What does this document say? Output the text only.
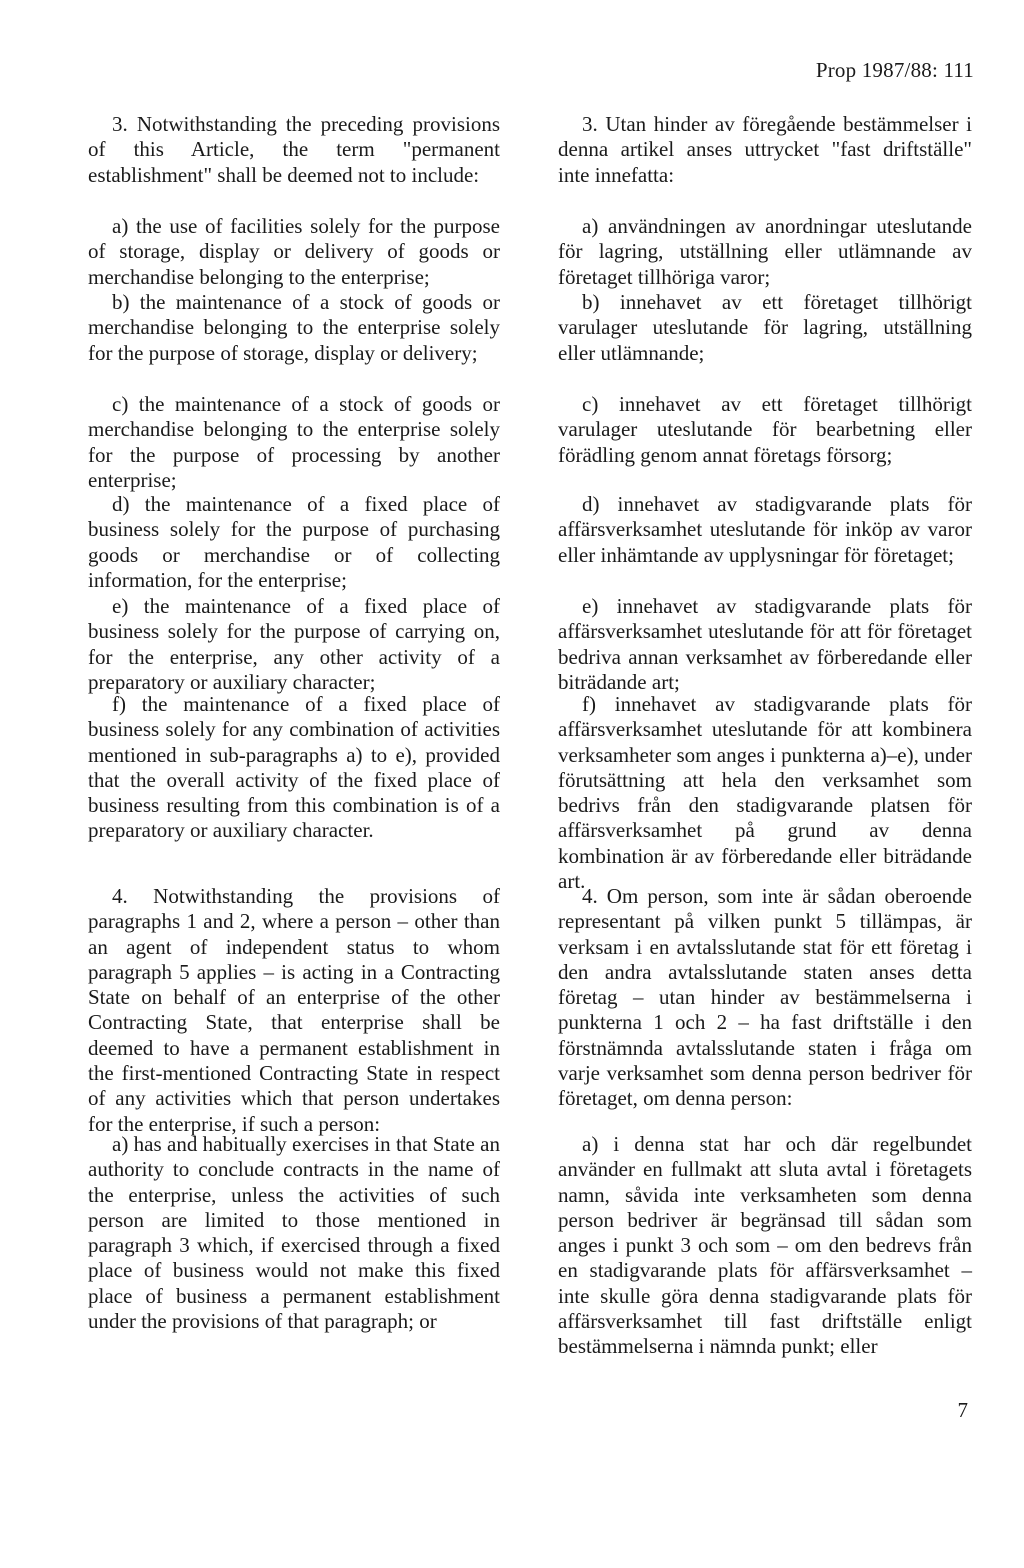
Prop 1987/88: 111

3. Notwithstanding the preceding provisions of this Article, the term "permanent establishment" shall be deemed not to include:

a) the use of facilities solely for the purpose of storage, display or delivery of goods or merchandise belonging to the enterprise;

b) the maintenance of a stock of goods or merchandise belonging to the enterprise solely for the purpose of storage, display or delivery;

c) the maintenance of a stock of goods or merchandise belonging to the enterprise solely for the purpose of processing by another enterprise;

d) the maintenance of a fixed place of business solely for the purpose of purchasing goods or merchandise or of collecting information, for the enterprise;

e) the maintenance of a fixed place of business solely for the purpose of carrying on, for the enterprise, any other activity of a preparatory or auxiliary character;

f) the maintenance of a fixed place of business solely for any combination of activities mentioned in sub-paragraphs a) to e), provided that the overall activity of the fixed place of business resulting from this combination is of a preparatory or auxiliary character.

4. Notwithstanding the provisions of paragraphs 1 and 2, where a person – other than an agent of independent status to whom paragraph 5 applies – is acting in a Contracting State on behalf of an enterprise of the other Contracting State, that enterprise shall be deemed to have a permanent establishment in the first-mentioned Contracting State in respect of any activities which that person undertakes for the enterprise, if such a person:

a) has and habitually exercises in that State an authority to conclude contracts in the name of the enterprise, unless the activities of such person are limited to those mentioned in paragraph 3 which, if exercised through a fixed place of business would not make this fixed place of business a permanent establishment under the provisions of that paragraph; or

3. Utan hinder av föregående bestämmelser i denna artikel anses uttrycket "fast driftställe" inte innefatta:

a) användningen av anordningar uteslutande för lagring, utställning eller utlämnande av företaget tillhöriga varor;

b) innehavet av ett företaget tillhörigt varulager uteslutande för lagring, utställning eller utlämnande;

c) innehavet av ett företaget tillhörigt varulager uteslutande för bearbetning eller förädling genom annat företags försorg;

d) innehavet av stadigvarande plats för affärsverksamhet uteslutande för inköp av varor eller inhämtande av upplysningar för företaget;

e) innehavet av stadigvarande plats för affärsverksamhet uteslutande för att för företaget bedriva annan verksamhet av förberedande eller biträdande art;

f) innehavet av stadigvarande plats för affärsverksamhet uteslutande för att kombinera verksamheter som anges i punkterna a)–e), under förutsättning att hela den verksamhet som bedrivs från den stadigvarande platsen för affärsverksamhet på grund av denna kombination är av förberedande eller biträdande art.

4. Om person, som inte är sådan oberoende representant på vilken punkt 5 tillämpas, är verksam i en avtalsslutande stat för ett företag i den andra avtalsslutande staten anses detta företag – utan hinder av bestämmelserna i punkterna 1 och 2 – ha fast driftställe i den förstnämnda avtalsslutande staten i fråga om varje verksamhet som denna person bedriver för företaget, om denna person:

a) i denna stat har och där regelbundet använder en fullmakt att sluta avtal i företagets namn, såvida inte verksamheten som denna person bedriver är begränsad till sådan som anges i punkt 3 och som – om den bedrevs från en stadigvarande plats för affärsverksamhet – inte skulle göra denna stadigvarande plats för affärsverksamhet till fast driftställe enligt bestämmelserna i nämnda punkt; eller

7
